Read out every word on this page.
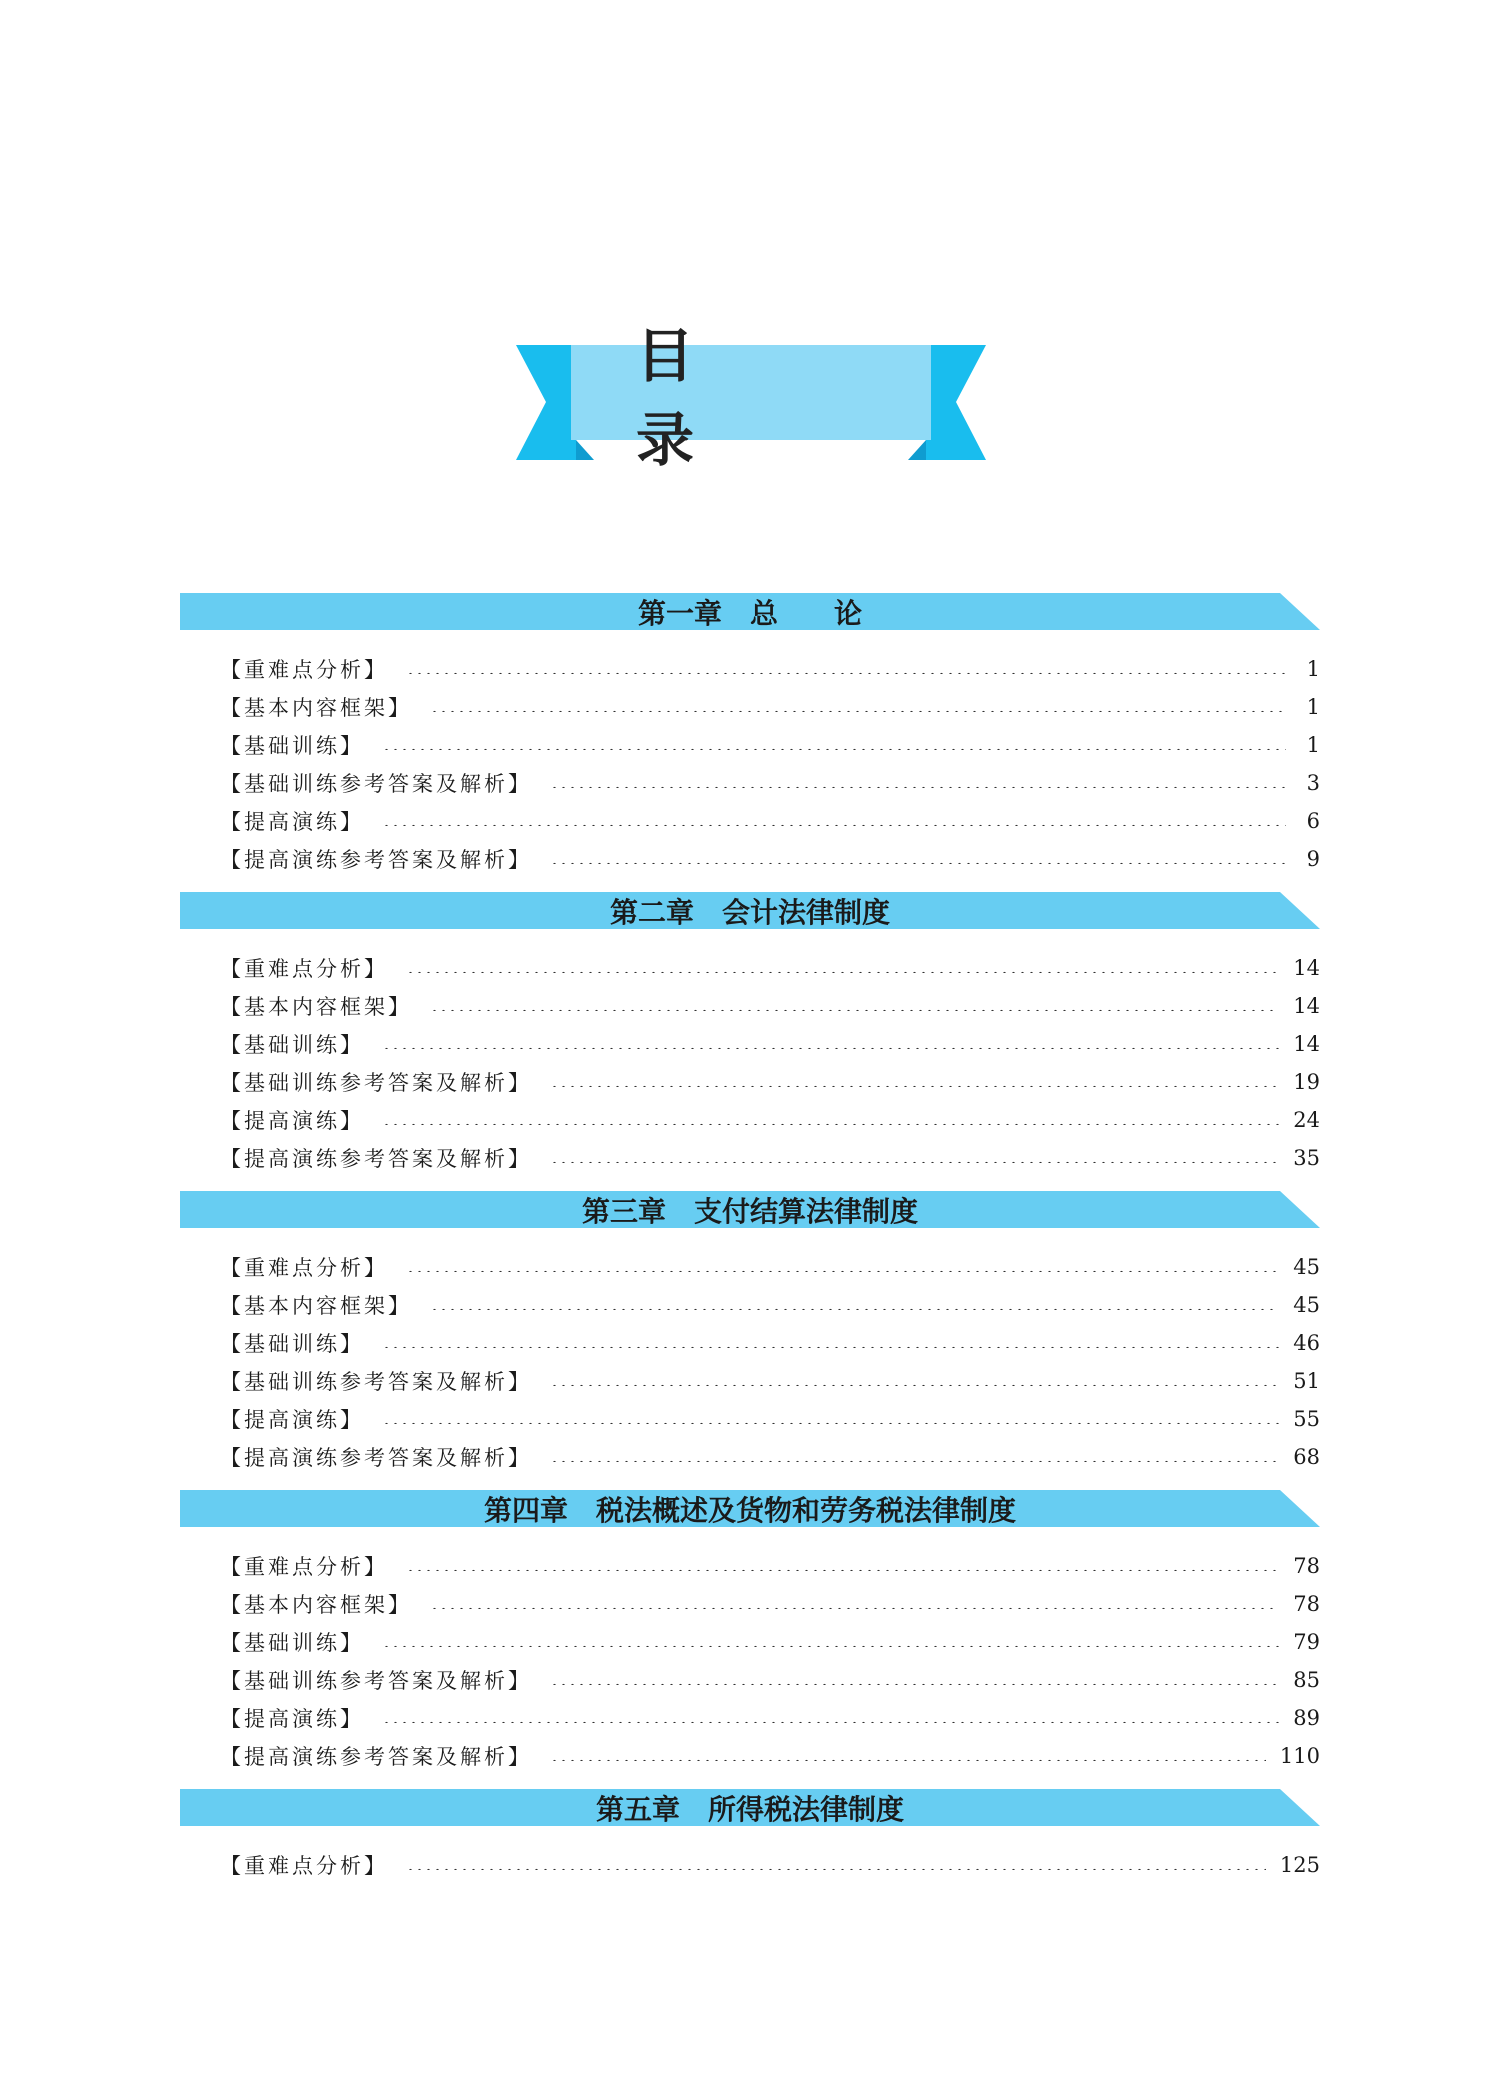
目 录
第一章　总　　论
【重难点分析】	1
【基本内容框架】	1
【基础训练】	1
【基础训练参考答案及解析】	3
【提高演练】	6
【提高演练参考答案及解析】	9
第二章　会计法律制度
【重难点分析】	14
【基本内容框架】	14
【基础训练】	14
【基础训练参考答案及解析】	19
【提高演练】	24
【提高演练参考答案及解析】	35
第三章　支付结算法律制度
【重难点分析】	45
【基本内容框架】	45
【基础训练】	46
【基础训练参考答案及解析】	51
【提高演练】	55
【提高演练参考答案及解析】	68
第四章　税法概述及货物和劳务税法律制度
【重难点分析】	78
【基本内容框架】	78
【基础训练】	79
【基础训练参考答案及解析】	85
【提高演练】	89
【提高演练参考答案及解析】	110
第五章　所得税法律制度
【重难点分析】	125
